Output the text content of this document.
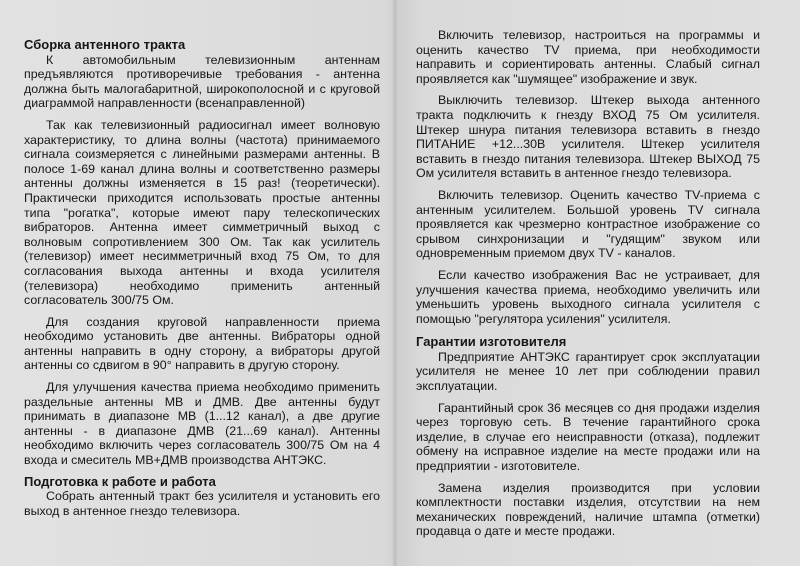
Сборка антенного тракта

К автомобильным телевизионным антеннам предъявляются противоречивые требования - антенна должна быть малогабаритной, широкополосной и с круговой диаграммой направленности (всенаправленной)

Так как телевизионный радиосигнал имеет волновую характеристику, то длина волны (частота) принимаемого сигнала соизмеряется с линейными размерами антенны. В полосе 1-69 канал длина волны и соответственно размеры антенны должны изменяется в 15 раз! (теоретически). Практически приходится использовать простые антенны типа "рогатка", которые имеют пару телескопических вибраторов. Антенна имеет симметричный выход с волновым сопротивлением 300 Ом. Так как усилитель (телевизор) имеет несимметричный вход 75 Ом, то для согласования выхода антенны и входа усилителя (телевизора) необходимо применить антенный согласователь 300/75 Ом.

Для создания круговой направленности приема необходимо установить две антенны. Вибраторы одной антенны направить в одну сторону, а вибраторы другой антенны со сдвигом в 90° направить в другую сторону.

Для улучшения качества приема необходимо применить раздельные антенны МВ и ДМВ. Две антенны будут принимать в диапазоне МВ (1...12 канал), а две другие антенны - в диапазоне ДМВ (21...69 канал). Антенны необходимо включить через согласователь 300/75 Ом на 4 входа и смеситель МВ+ДМВ производства АНТЭКС.

Подготовка к работе и работа

Собрать антенный тракт без усилителя и установить его выход в антенное гнездо телевизора.

Включить телевизор, настроиться на программы и оценить качество TV приема, при необходимости направить и сориентировать антенны. Слабый сигнал проявляется как "шумящее" изображение и звук.

Выключить телевизор. Штекер выхода антенного тракта подключить к гнезду ВХОД 75 Ом усилителя. Штекер шнура питания телевизора вставить в гнездо ПИТАНИЕ +12...30В усилителя. Штекер усилителя вставить в гнездо питания телевизора. Штекер ВЫХОД 75 Ом усилителя вставить в антенное гнездо телевизора.

Включить телевизор. Оценить качество TV-приема с антенным усилителем. Большой уровень TV сигнала проявляется как чрезмерно контрастное изображение со срывом синхронизации и "гудящим" звуком или одновременным приемом двух TV - каналов.

Если качество изображения Вас не устраивает, для улучшения качества приема, необходимо увеличить или уменьшить уровень выходного сигнала усилителя с помощью "регулятора усиления" усилителя.

Гарантии изготовителя

Предприятие АНТЭКС гарантирует срок эксплуатации усилителя не менее 10 лет при соблюдении правил эксплуатации.

Гарантийный срок 36 месяцев со дня продажи изделия через торговую сеть. В течение гарантийного срока изделие, в случае его неисправности (отказа), подлежит обмену на исправное изделие на месте продажи или на предприятии - изготовителе.

Замена изделия производится при условии комплектности поставки изделия, отсутствии на нем механических повреждений, наличие штампа (отметки) продавца о дате и месте продажи.
